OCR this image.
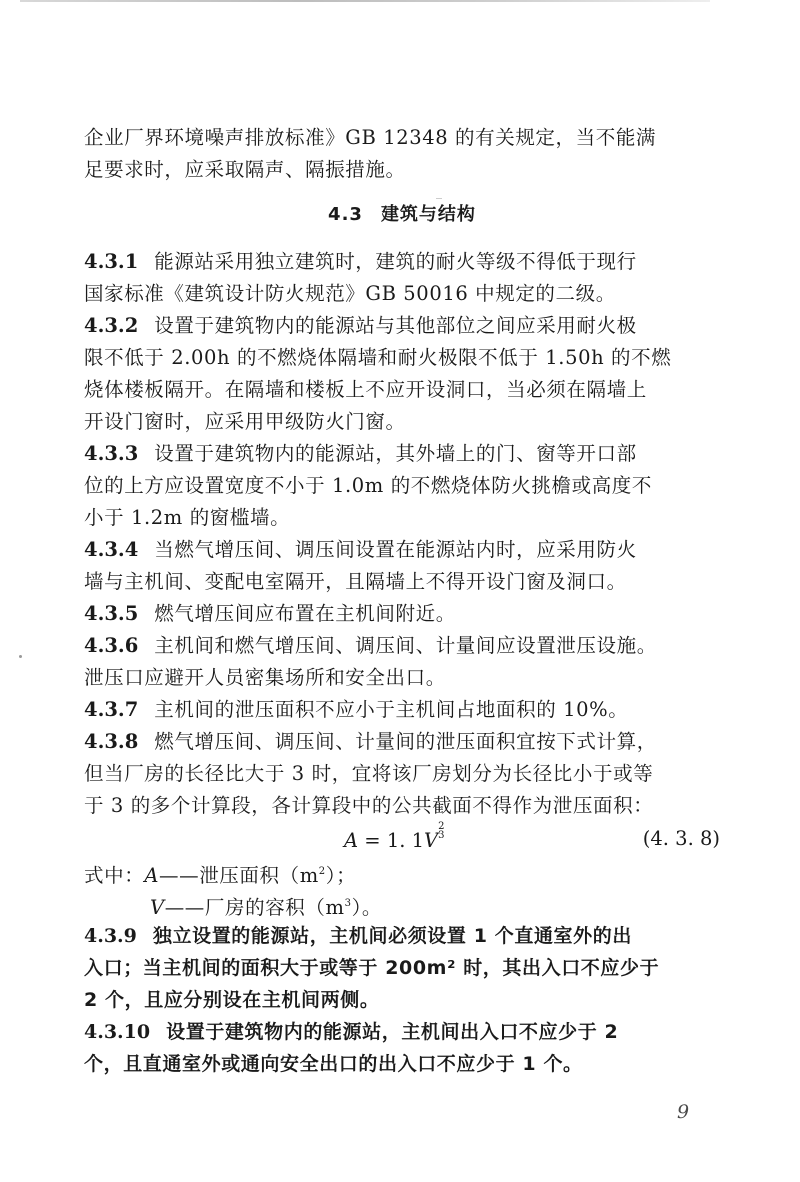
企业厂界环境噪声排放标准》GB 12348 的有关规定，当不能满
足要求时，应采取隔声、隔振措施。
4.3 建筑与结构
4.3.1 能源站采用独立建筑时，建筑的耐火等级不得低于现行
国家标准《建筑设计防火规范》GB 50016 中规定的二级。
4.3.2 设置于建筑物内的能源站与其他部位之间应采用耐火极
限不低于 2.00h 的不燃烧体隔墙和耐火极限不低于 1.50h 的不燃
烧体楼板隔开。在隔墙和楼板上不应开设洞口，当必须在隔墙上
开设门窗时，应采用甲级防火门窗。
4.3.3 设置于建筑物内的能源站，其外墙上的门、窗等开口部
位的上方应设置宽度不小于 1.0m 的不燃烧体防火挑檐或高度不
小于 1.2m 的窗槛墙。
4.3.4 当燃气增压间、调压间设置在能源站内时，应采用防火
墙与主机间、变配电室隔开，且隔墙上不得开设门窗及洞口。
4.3.5 燃气增压间应布置在主机间附近。
4.3.6 主机间和燃气增压间、调压间、计量间应设置泄压设施。
泄压口应避开人员密集场所和安全出口。
4.3.7 主机间的泄压面积不应小于主机间占地面积的 10%。
4.3.8 燃气增压间、调压间、计量间的泄压面积宜按下式计算，
但当厂房的长径比大于 3 时，宜将该厂房划分为长径比小于或等
于 3 的多个计算段，各计算段中的公共截面不得作为泄压面积：
A = 1. $1V^{2 3}$	(4. 3. 8)
式中：A——泄压面积$(m^2)$；
V——厂房的容积$(m^3)$。
4.3.9 独立设置的能源站，主机间必须设置 1 个直通室外的出
入口；当主机间的面积大于或等于 200m² 时，其出入口不应少于
2 个，且应分别设在主机间两侧。
4.3.10 设置于建筑物内的能源站，主机间出入口不应少于 2
个，且直通室外或通向安全出口的出入口不应少于 1 个。
9
